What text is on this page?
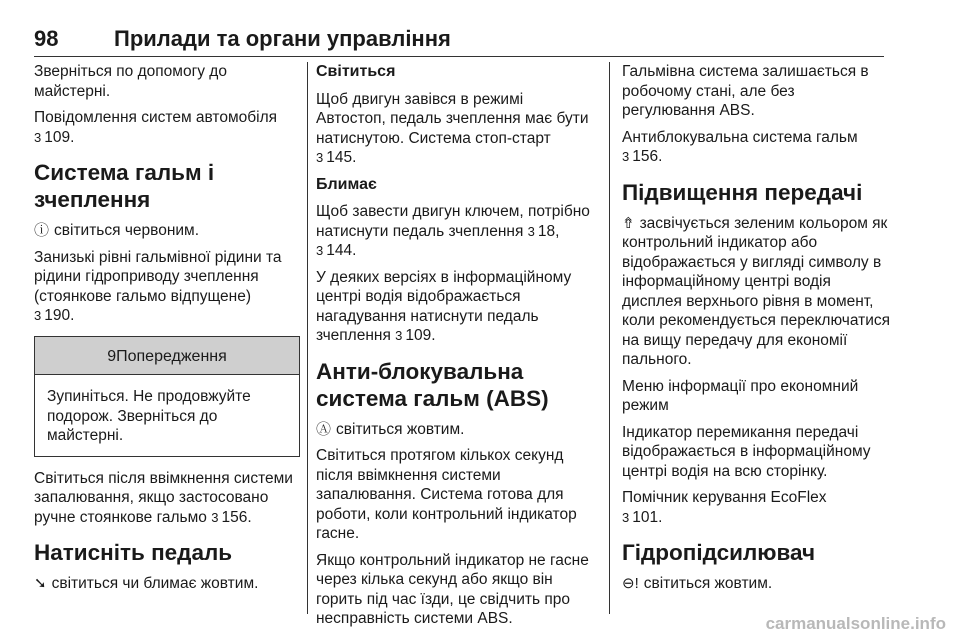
98	Прилади та органи управління

Зверніться по допомогу до майстерні.

Повідомлення систем автомобіля
3 109.

Система гальм і зчеплення

ⓘ світиться червоним.

Занизькі рівні гальмівної рідини та рідини гідроприводу зчеплення (стоянкове гальмо відпущене)
3 190.

9Попередження
Зупиніться. Не продовжуйте подорож. Зверніться до майстерні.

Світиться після ввімкнення системи запалювання, якщо застосовано ручне стоянкове гальмо 3 156.

Натисніть педаль

➘ світиться чи блимає жовтим.

Світиться

Щоб двигун завівся в режимі Автостоп, педаль зчеплення має бути натиснутою. Система стоп-старт 3 145.

Блимає

Щоб завести двигун ключем, потрібно натиснути педаль зчеплення 3 18, 3 144.

У деяких версіях в інформаційному центрі водія відображається нагадування натиснути педаль зчеплення 3 109.

Анти-блокувальна система гальм (ABS)

Ⓐ світиться жовтим.

Світиться протягом кількох секунд після ввімкнення системи запалювання. Система готова для роботи, коли контрольний індикатор гасне.

Якщо контрольний індикатор не гасне через кілька секунд або якщо він горить під час їзди, це свідчить про несправність системи ABS.

Гальмівна система залишається в робочому стані, але без регулювання ABS.

Антиблокувальна система гальм
3 156.

Підвищення передачі

⇮ засвічується зеленим кольором як контрольний індикатор або відображається у вигляді символу в інформаційному центрі водія дисплея верхнього рівня в момент, коли рекомендується переключатися на вищу передачу для економії пального.

Меню інформації про економний режим

Індикатор перемикання передачі відображається в інформаційному центрі водія на всю сторінку.

Помічник керування EcoFlex
3 101.

Гідропідсилювач

⊖! світиться жовтим.

carmanualsonline.info
